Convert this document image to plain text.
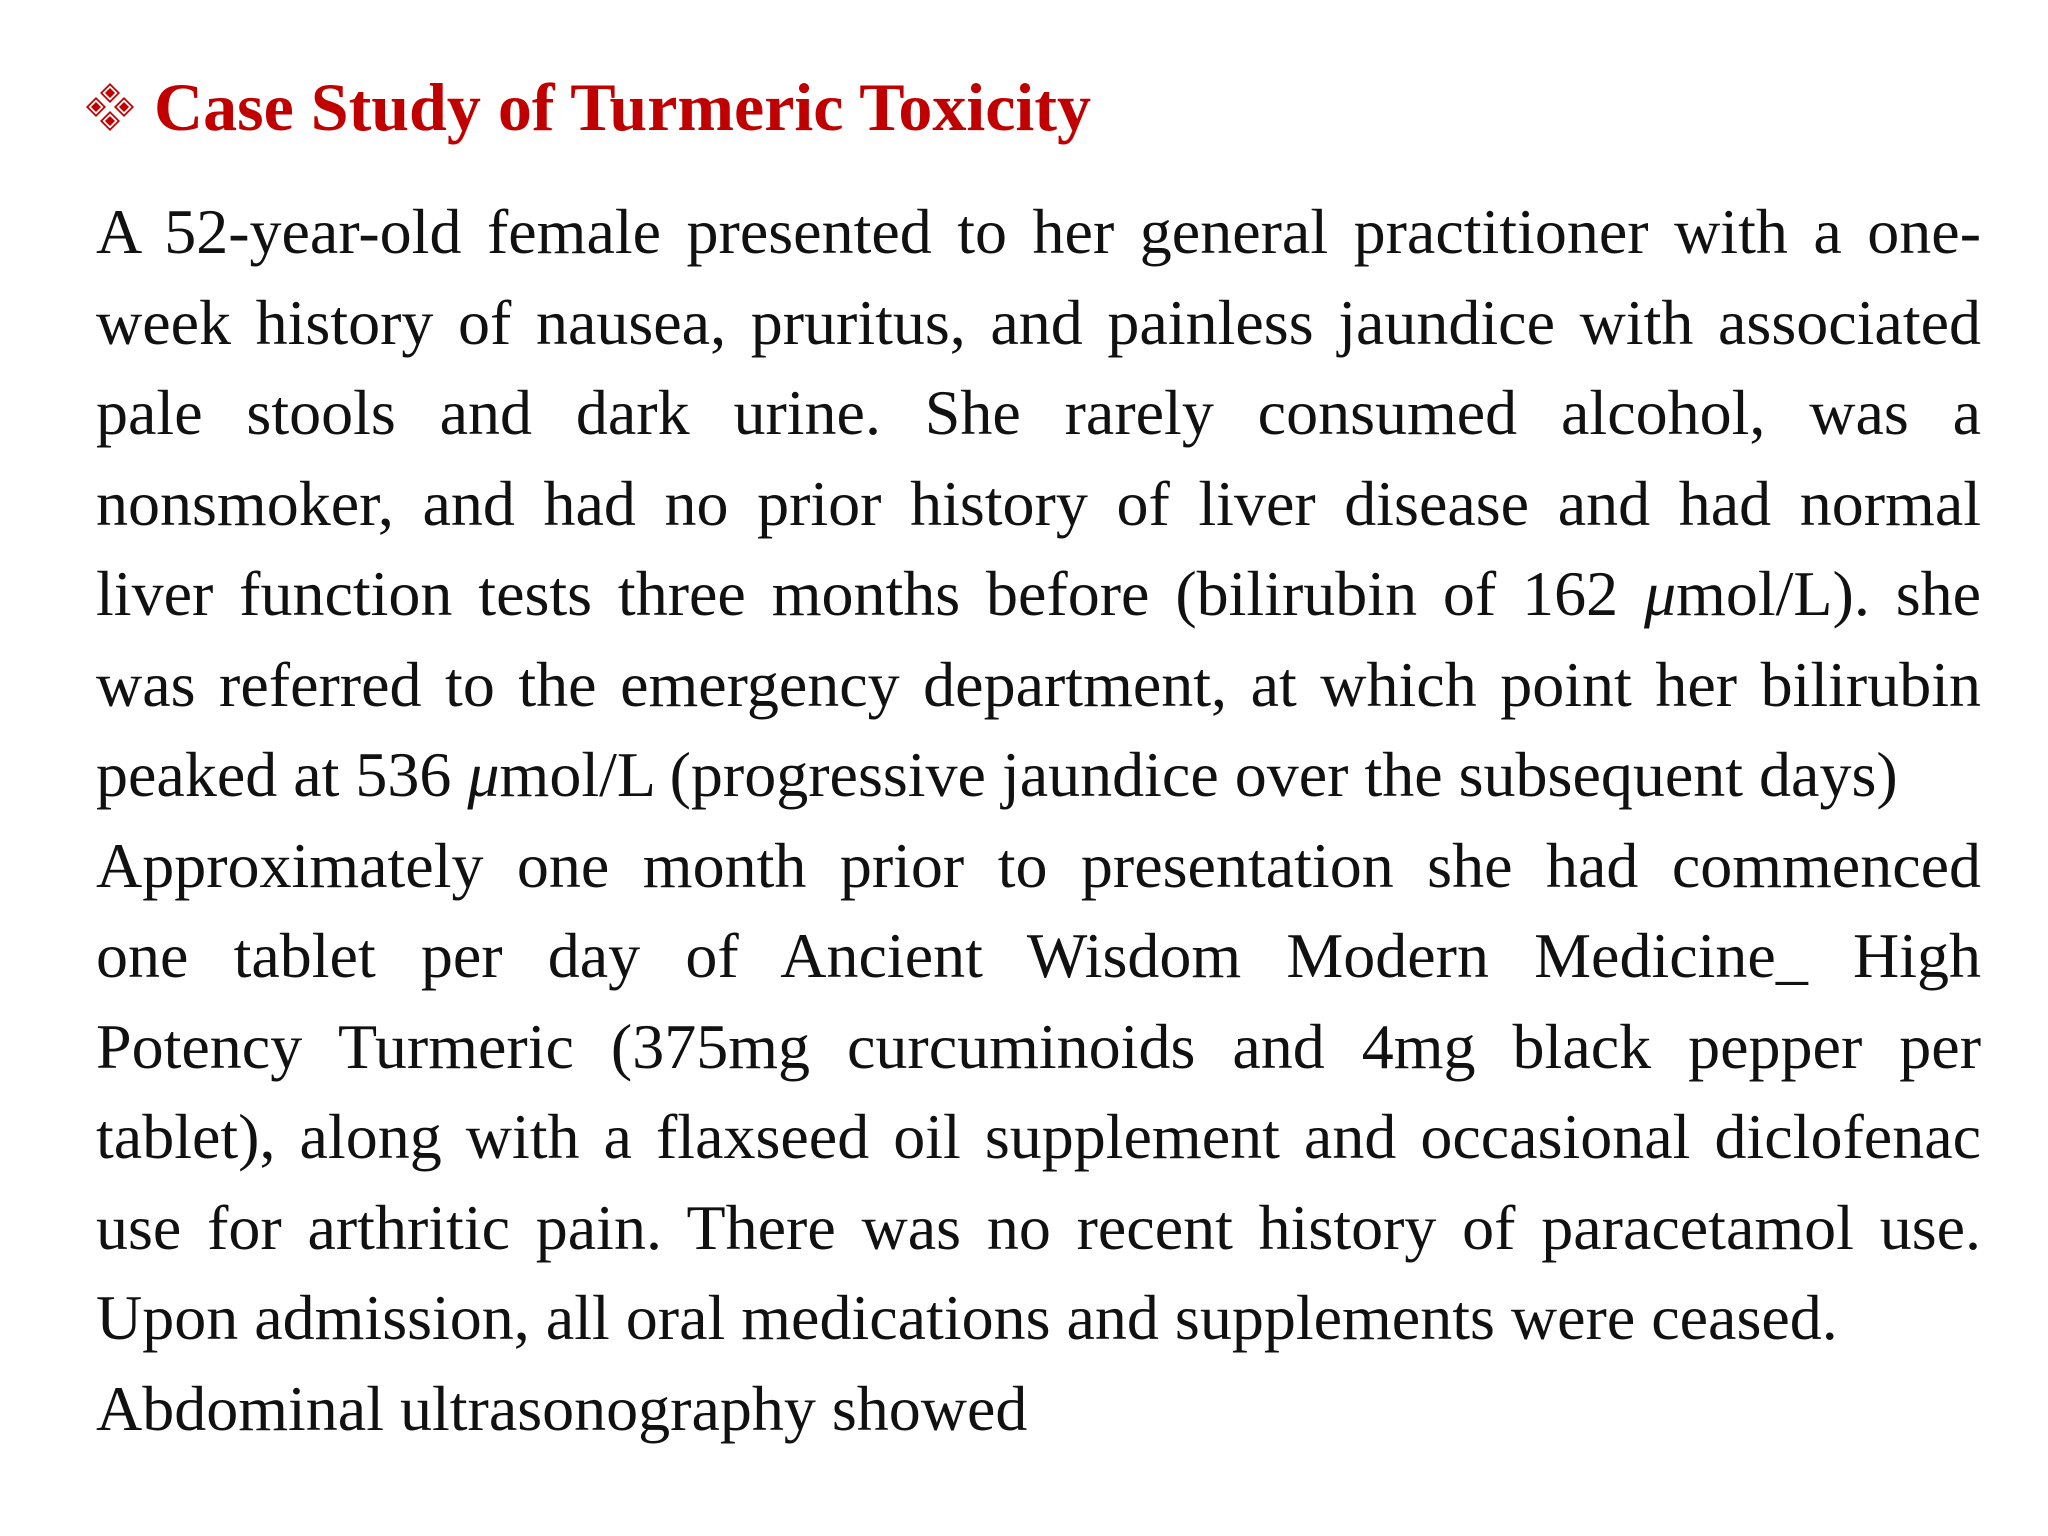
Case Study of Turmeric Toxicity
A 52-year-old female presented to her general practitioner with a one-
week history of nausea, pruritus, and painless jaundice with associated
pale stools and dark urine. She rarely consumed alcohol, was a
nonsmoker, and had no prior history of liver disease and had normal
liver function tests three months before (bilirubin of 162 μmol/L). she
was referred to the emergency department, at which point her bilirubin
peaked at 536 μmol/L (progressive jaundice over the subsequent days)
Approximately one month prior to presentation she had commenced
one tablet per day of Ancient Wisdom Modern Medicine_ High
Potency Turmeric (375mg curcuminoids and 4mg black pepper per
tablet), along with a flaxseed oil supplement and occasional diclofenac
use for arthritic pain. There was no recent history of paracetamol use.
Upon admission, all oral medications and supplements were ceased.
Abdominal ultrasonography showed
